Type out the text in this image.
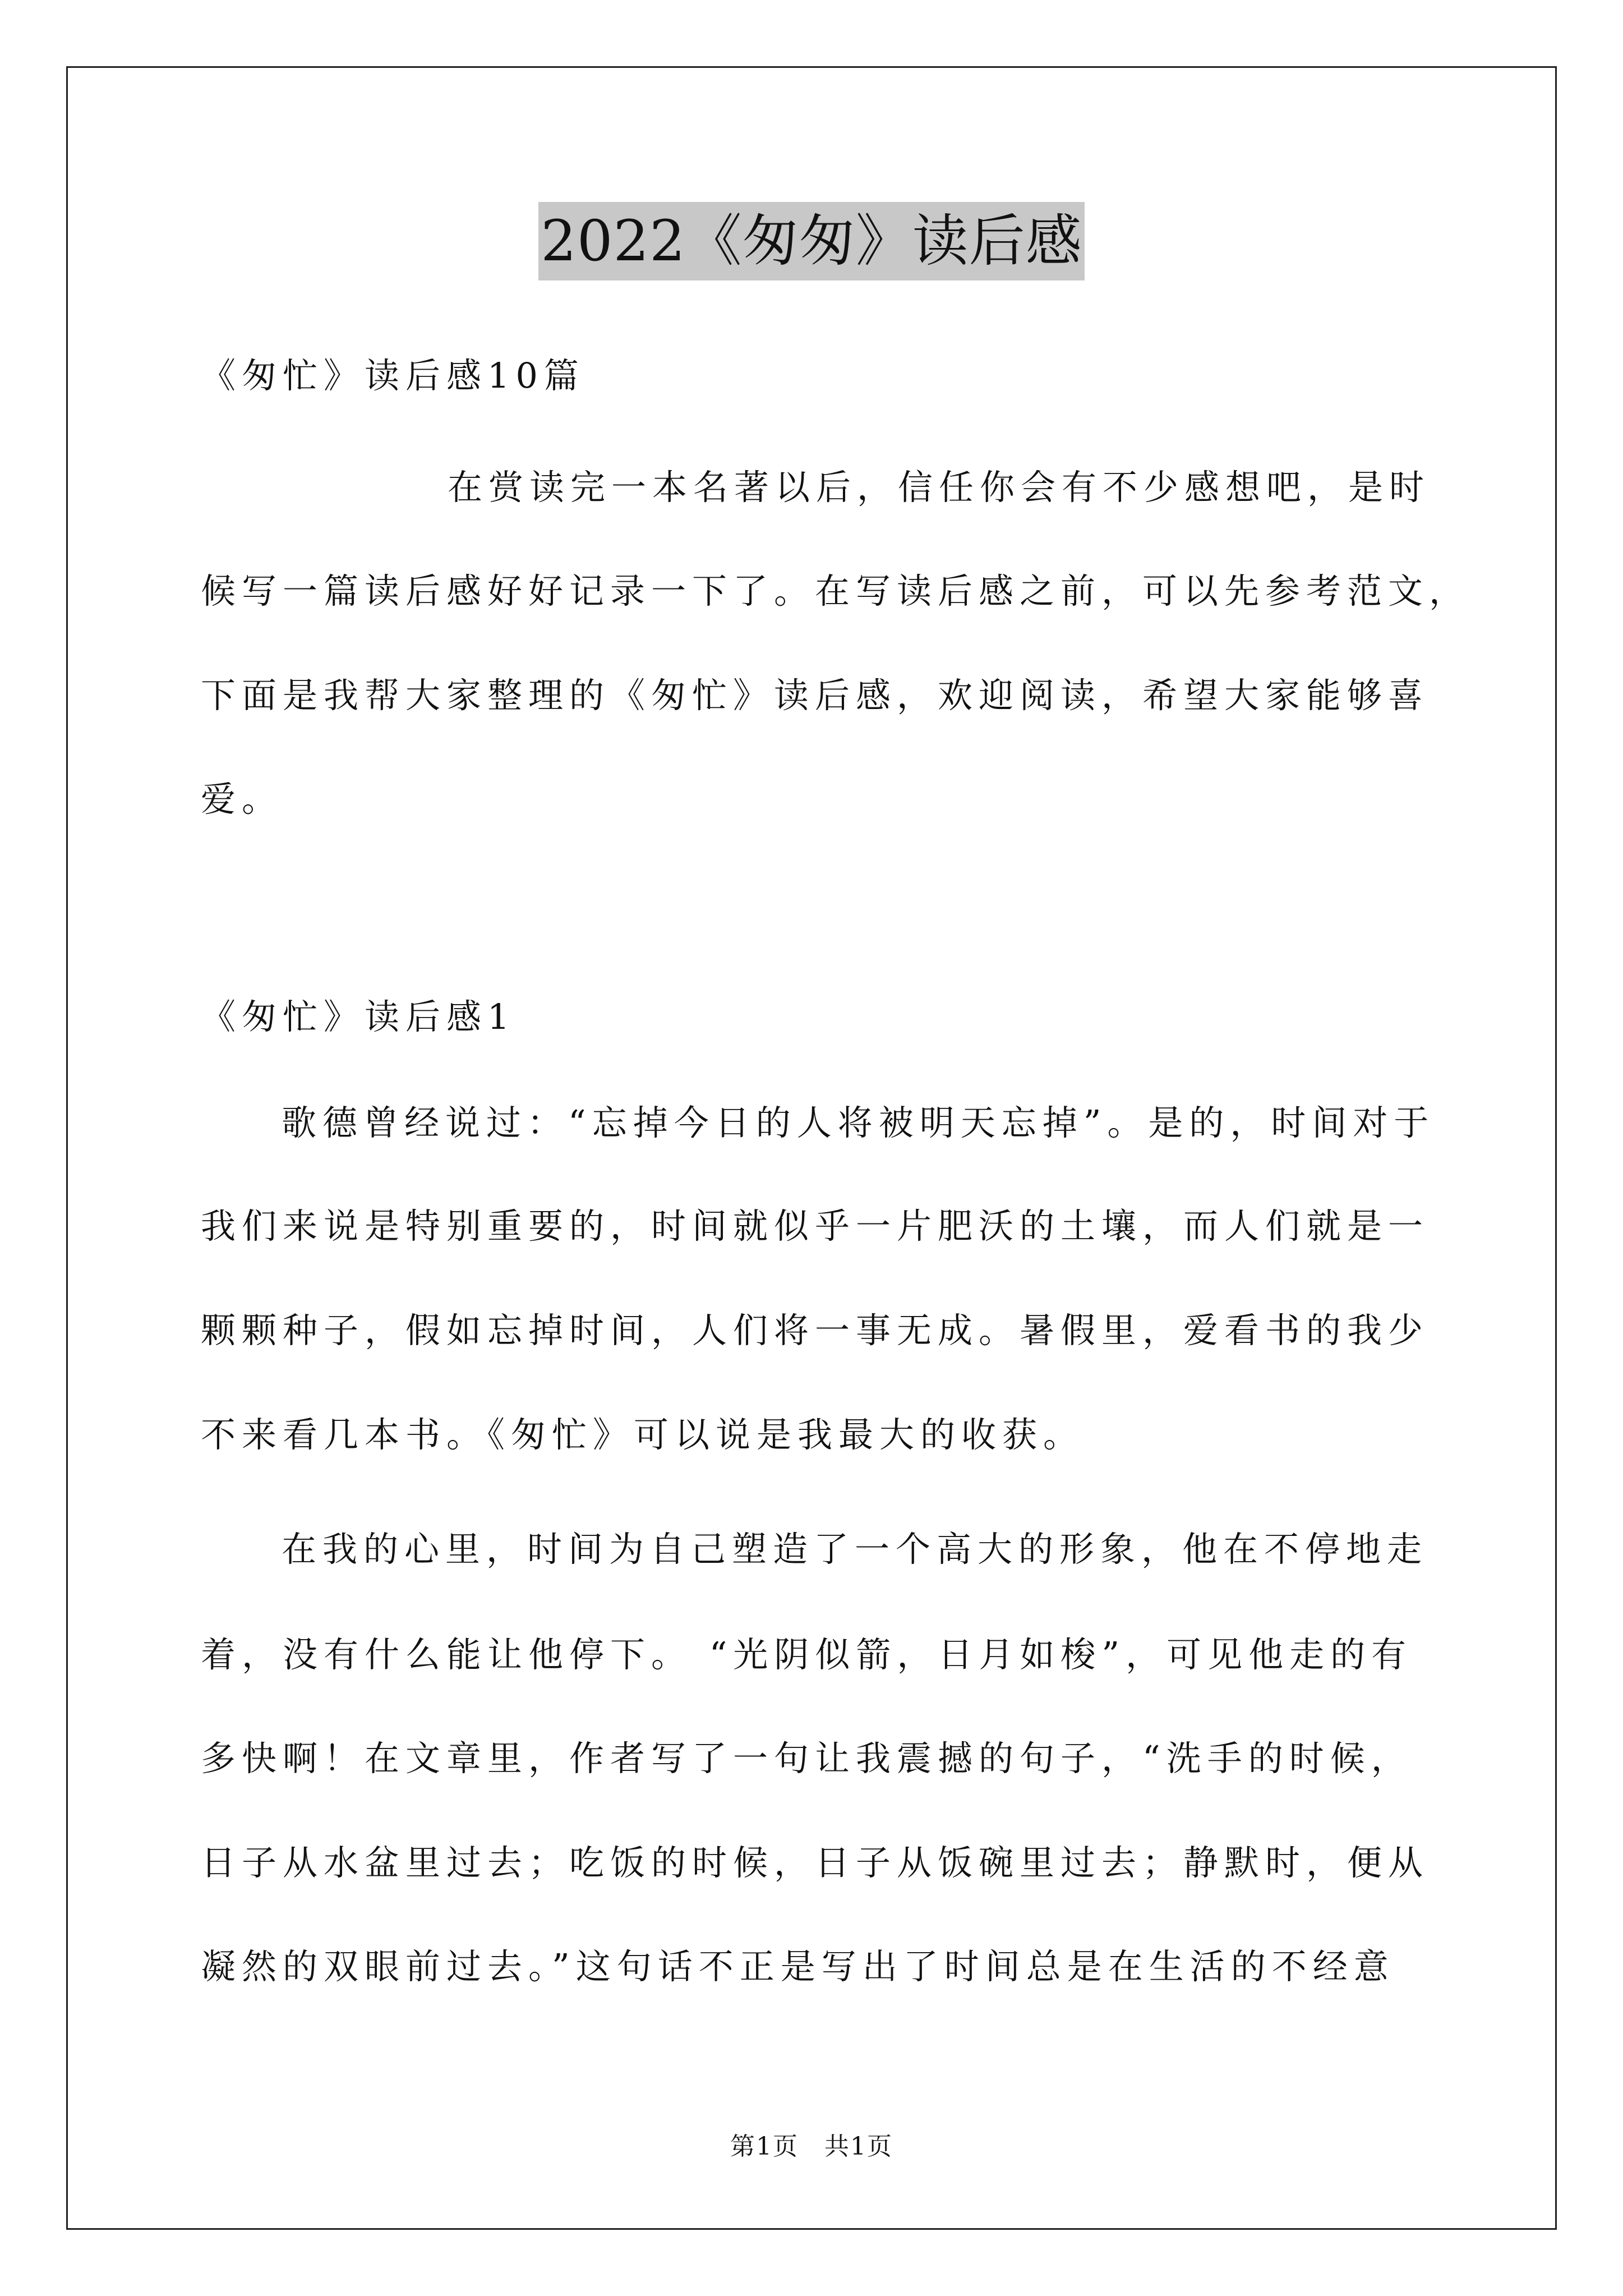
2022《匆匆》读后感
《匆忙》读后感10篇
在赏读完一本名著以后，信任你会有不少感想吧，是时
候写一篇读后感好好记录一下了。在写读后感之前，可以先参考范文，
下面是我帮大家整理的《匆忙》读后感，欢迎阅读，希望大家能够喜
爱。
《匆忙》读后感1
歌德曾经说过：“忘掉今日的人将被明天忘掉”。是的，时间对于
我们来说是特别重要的，时间就似乎一片肥沃的土壤，而人们就是一
颗颗种子，假如忘掉时间，人们将一事无成。暑假里，爱看书的我少
不来看几本书。《匆忙》可以说是我最大的收获。
在我的心里，时间为自己塑造了一个高大的形象，他在不停地走
着，没有什么能让他停下。 “光阴似箭，日月如梭”，可见他走的有
多快啊！在文章里，作者写了一句让我震撼的句子，“洗手的时候，
日子从水盆里过去；吃饭的时候，日子从饭碗里过去；静默时，便从
凝然的双眼前过去。”这句话不正是写出了时间总是在生活的不经意
第1页　共1页
